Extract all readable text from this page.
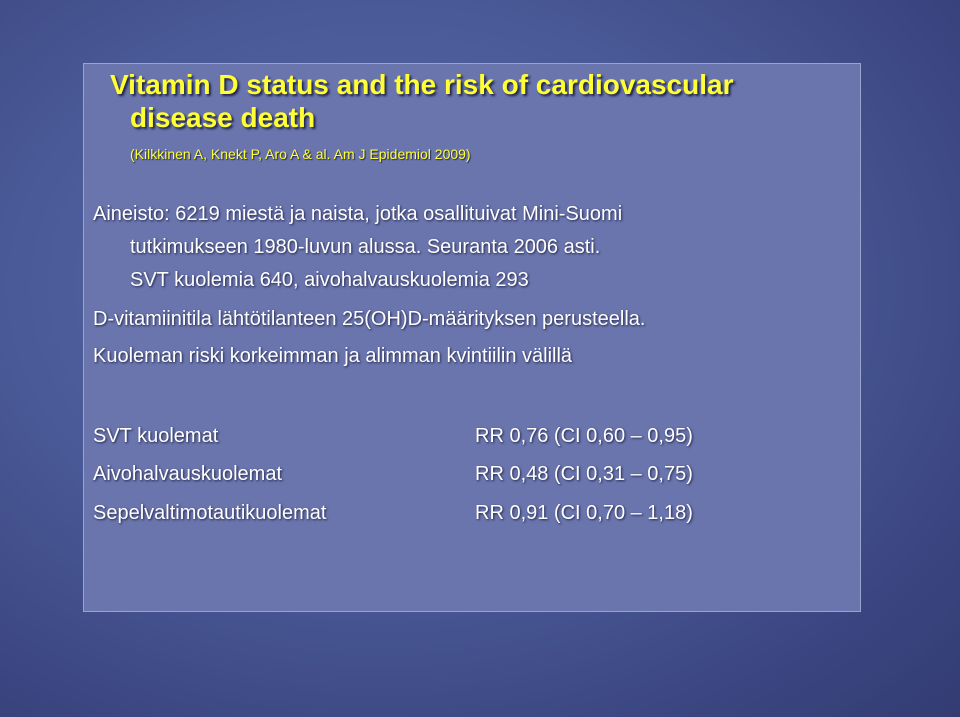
Vitamin D status and the risk of cardiovascular
disease death
(Kilkkinen A, Knekt P, Aro A & al. Am J Epidemiol 2009)
Aineisto: 6219 miestä ja naista, jotka osallituivat Mini-Suomi
tutkimukseen 1980-luvun alussa. Seuranta 2006 asti.
SVT kuolemia 640, aivohalvauskuolemia 293
D-vitamiinitila lähtötilanteen 25(OH)D-määrityksen perusteella.
Kuoleman riski korkeimman ja alimman kvintiilin välillä
SVT kuolemat	RR 0,76 (CI 0,60 – 0,95)
Aivohalvauskuolemat	RR 0,48 (CI 0,31 – 0,75)
Sepelvaltimotautikuolemat	RR 0,91 (CI 0,70 – 1,18)
